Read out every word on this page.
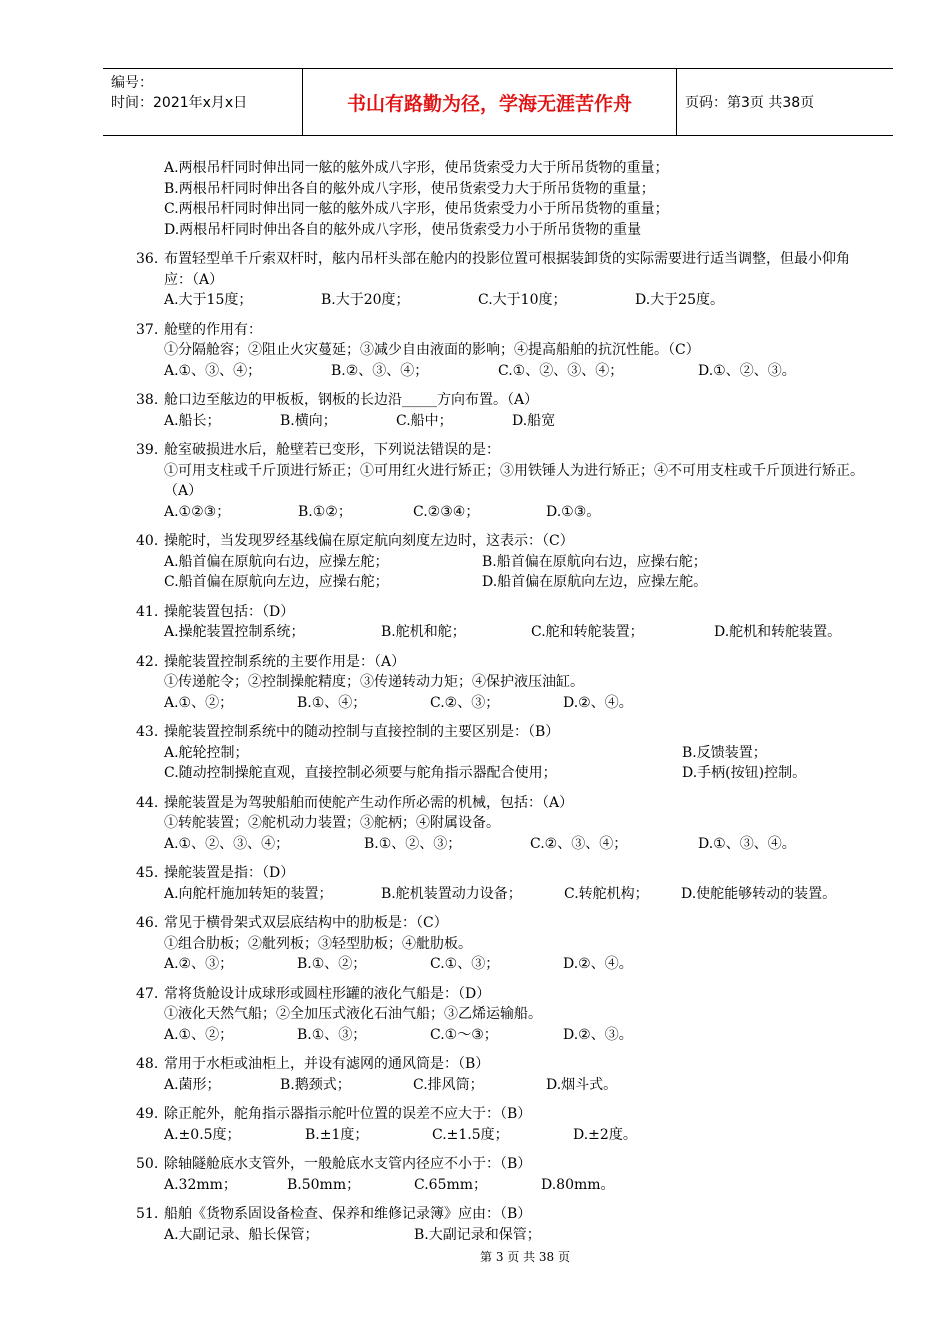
编号：
时间：2021年x月x日	书山有路勤为径，学海无涯苦作舟	页码：第3页 共38页
A.两根吊杆同时伸出同一舷的舷外成八字形，使吊货索受力大于所吊货物的重量；
B.两根吊杆同时伸出各自的舷外成八字形，使吊货索受力大于所吊货物的重量；
C.两根吊杆同时伸出同一舷的舷外成八字形，使吊货索受力小于所吊货物的重量；
D.两根吊杆同时伸出各自的舷外成八字形，使吊货索受力小于所吊货物的重量
36. 布置轻型单千斤索双杆时，舷内吊杆头部在舱内的投影位置可根据装卸货的实际需要进行适当调整，但最小仰角应：（A）
A.大于15度；	B.大于20度；	C.大于10度；	D.大于25度。
37. 舱壁的作用有：
①分隔舱容；②阻止火灾蔓延；③减少自由液面的影响；④提高船舶的抗沉性能。（C）
A.①、③、④；	B.②、③、④；	C.①、②、③、④；	D.①、②、③。
38. 舱口边至舷边的甲板板，钢板的长边沿_____方向布置。（A）
A.船长；	B.横向；	C.船中；	D.船宽
39. 舱室破损进水后，舱壁若已变形，下列说法错误的是：
①可用支柱或千斤顶进行矫正；①可用红火进行矫正；③用铁锤人为进行矫正；④不可用支柱或千斤顶进行矫正。（A）
A.①②③；	B.①②；	C.②③④；	D.①③。
40. 操舵时，当发现罗经基线偏在原定航向刻度左边时，这表示：（C）
A.船首偏在原航向右边，应操左舵；	B.船首偏在原航向右边，应操右舵；
C.船首偏在原航向左边，应操右舵；	D.船首偏在原航向左边，应操左舵。
41. 操舵装置包括：（D）
A.操舵装置控制系统；	B.舵机和舵；	C.舵和转舵装置；	D.舵机和转舵装置。
42. 操舵装置控制系统的主要作用是：（A）
①传递舵令；②控制操舵精度；③传递转动力矩；④保护液压油缸。
A.①、②；	B.①、④；	C.②、③；	D.②、④。
43. 操舵装置控制系统中的随动控制与直接控制的主要区别是：（B）
A.舵轮控制；	B.反馈装置；
C.随动控制操舵直观，直接控制必须要与舵角指示器配合使用；	D.手柄(按钮)控制。
44. 操舵装置是为驾驶船舶而使舵产生动作所必需的机械，包括：（A）
①转舵装置；②舵机动力装置；③舵柄；④附属设备。
A.①、②、③、④；	B.①、②、③；	C.②、③、④；	D.①、③、④。
45. 操舵装置是指：（D）
A.向舵杆施加转矩的装置；	B.舵机装置动力设备；	C.转舵机构；	D.使舵能够转动的装置。
46. 常见于横骨架式双层底结构中的肋板是：（C）
①组合肋板；②舭列板；③轻型肋板；④舭肋板。
A.②、③；	B.①、②；	C.①、③；	D.②、④。
47. 常将货舱设计成球形或圆柱形罐的液化气船是：（D）
①液化天然气船；②全加压式液化石油气船；③乙烯运输船。
A.①、②；	B.①、③；	C.①～③；	D.②、③。
48. 常用于水柜或油柜上，并设有滤网的通风筒是：（B）
A.菌形；	B.鹅颈式；	C.排风筒；	D.烟斗式。
49. 除正舵外，舵角指示器指示舵叶位置的误差不应大于：（B）
A.±0.5度；	B.±1度；	C.±1.5度；	D.±2度。
50. 除轴隧舱底水支管外，一般舱底水支管内径应不小于：（B）
A.32mm；	B.50mm；	C.65mm；	D.80mm。
51. 船舶《货物系固设备检查、保养和维修记录簿》应由：（B）
A.大副记录、船长保管；	B.大副记录和保管；
第 3 页 共 38 页
